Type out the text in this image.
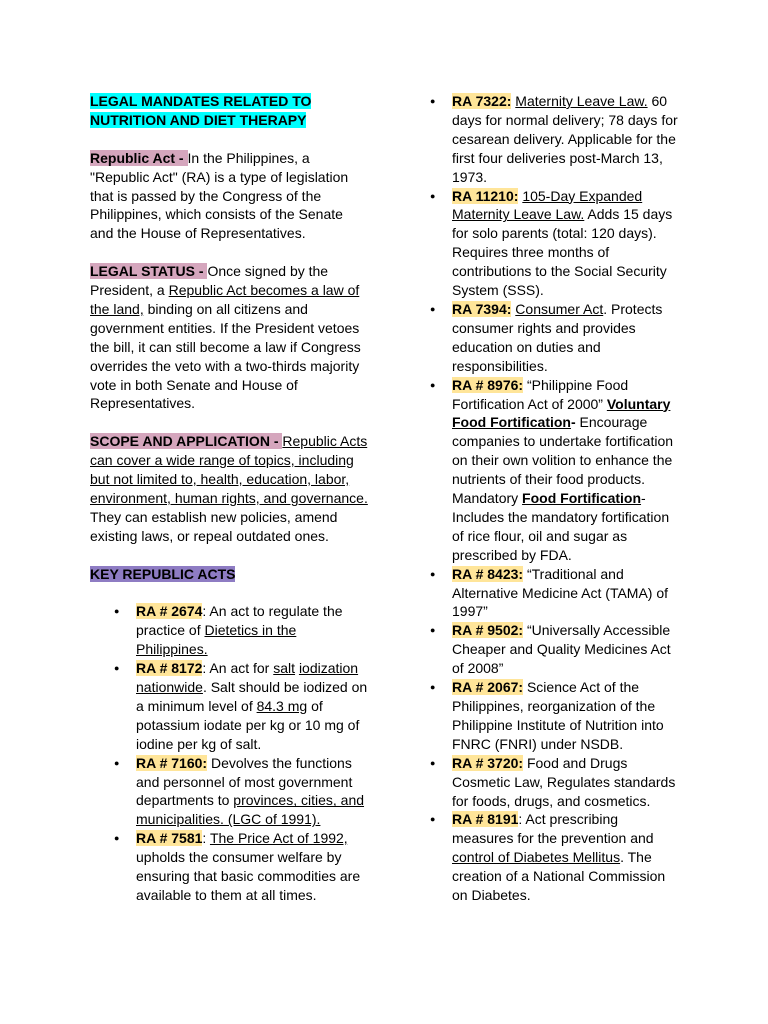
LEGAL MANDATES RELATED TO
NUTRITION AND DIET THERAPY

Republic Act - In the Philippines, a "Republic Act" (RA) is a type of legislation that is passed by the Congress of the Philippines, which consists of the Senate and the House of Representatives.

LEGAL STATUS - Once signed by the President, a Republic Act becomes a law of the land, binding on all citizens and government entities. If the President vetoes the bill, it can still become a law if Congress overrides the veto with a two-thirds majority vote in both Senate and House of Representatives.

SCOPE AND APPLICATION - Republic Acts can cover a wide range of topics, including but not limited to, health, education, labor, environment, human rights, and governance. They can establish new policies, amend existing laws, or repeal outdated ones.

KEY REPUBLIC ACTS

● RA # 2674: An act to regulate the practice of Dietetics in the Philippines.
● RA # 8172: An act for salt iodization nationwide. Salt should be iodized on a minimum level of 84.3 mg of potassium iodate per kg or 10 mg of iodine per kg of salt.
● RA # 7160: Devolves the functions and personnel of most government departments to provinces, cities, and municipalities. (LGC of 1991).
● RA # 7581: The Price Act of 1992, upholds the consumer welfare by ensuring that basic commodities are available to them at all times.
● RA 7322: Maternity Leave Law. 60 days for normal delivery; 78 days for cesarean delivery. Applicable for the first four deliveries post-March 13, 1973.
● RA 11210: 105-Day Expanded Maternity Leave Law. Adds 15 days for solo parents (total: 120 days). Requires three months of contributions to the Social Security System (SSS).
● RA 7394: Consumer Act. Protects consumer rights and provides education on duties and responsibilities.
● RA # 8976: “Philippine Food Fortification Act of 2000” Voluntary Food Fortification- Encourage companies to undertake fortification on their own volition to enhance the nutrients of their food products. Mandatory Food Fortification- Includes the mandatory fortification of rice flour, oil and sugar as prescribed by FDA.
● RA # 8423: “Traditional and Alternative Medicine Act (TAMA) of 1997”
● RA # 9502: “Universally Accessible Cheaper and Quality Medicines Act of 2008”
● RA # 2067: Science Act of the Philippines, reorganization of the Philippine Institute of Nutrition into FNRC (FNRI) under NSDB.
● RA # 3720: Food and Drugs Cosmetic Law, Regulates standards for foods, drugs, and cosmetics.
● RA # 8191: Act prescribing measures for the prevention and control of Diabetes Mellitus. The creation of a National Commission on Diabetes.
